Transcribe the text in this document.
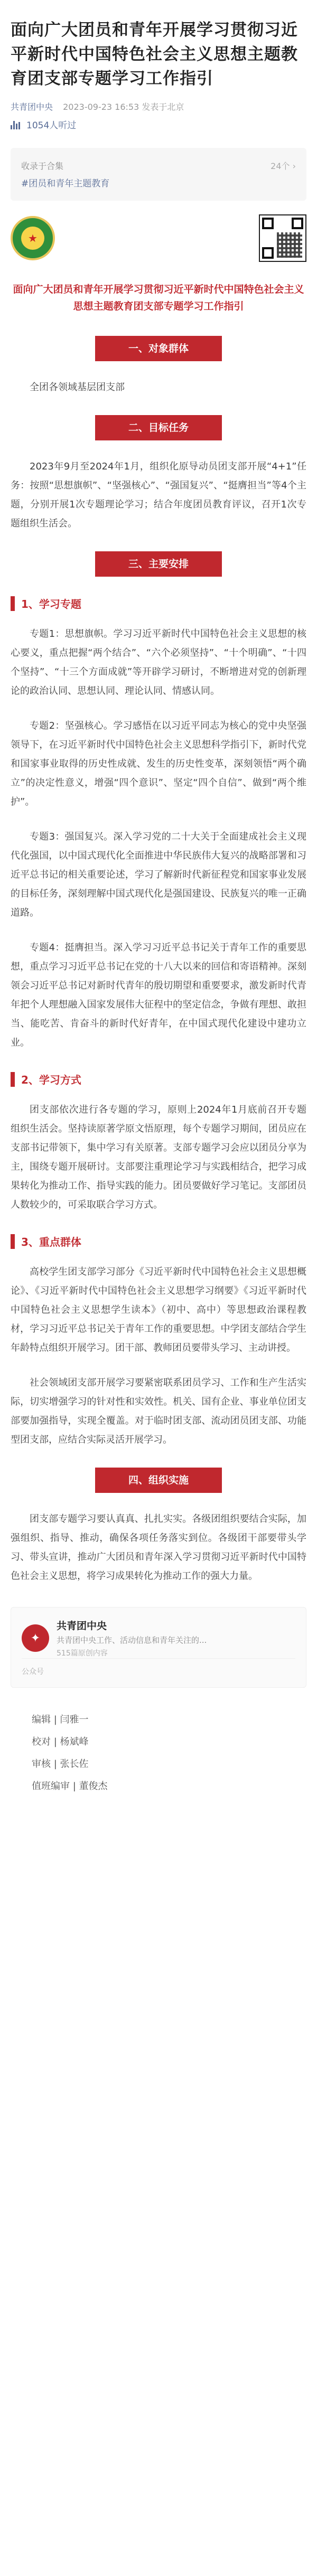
面向广大团员和青年开展学习贯彻习近平新时代中国特色社会主义思想主题教育团支部专题学习工作指引
共青团中央 2023-09-23 16:53 发表于北京
1054人听过
收录于合集
#团员和青年主题教育
24个 ›
★
面向广大团员和青年开展学习贯彻习近平新时代中国特色社会主义思想主题教育团支部专题学习工作指引
一、对象群体

全团各领域基层团支部

二、目标任务

2023年9月至2024年1月，组织化原导动员团支部开展“4+1”任务：按照“思想旗帜”、“坚强核心”、“强国复兴”、“挺膺担当”等4个主题，分别开展1次专题理论学习；结合年度团员教育评议，召开1次专题组织生活会。

三、主要安排
1、学习专题

专题1：思想旗帜。学习习近平新时代中国特色社会主义思想的核心要义，重点把握“两个结合”、“六个必须坚持”、“十个明确”、“十四个坚持”、“十三个方面成就”等开辟学习研讨，不断增进对党的创新理论的政治认同、思想认同、理论认同、情感认同。

专题2：坚强核心。学习感悟在以习近平同志为核心的党中央坚强领导下，在习近平新时代中国特色社会主义思想科学指引下，新时代党和国家事业取得的历史性成就、发生的历史性变革，深刻领悟“两个确立”的决定性意义，增强“四个意识”、坚定“四个自信”、做到“两个维护”。

专题3：强国复兴。深入学习党的二十大关于全面建成社会主义现代化强国，以中国式现代化全面推进中华民族伟大复兴的战略部署和习近平总书记的相关重要论述，学习了解新时代新征程党和国家事业发展的目标任务，深刻理解中国式现代化是强国建设、民族复兴的唯一正确道路。

专题4：挺膺担当。深入学习习近平总书记关于青年工作的重要思想，重点学习习近平总书记在党的十八大以来的回信和寄语精神。深刻领会习近平总书记对新时代青年的殷切期望和重要要求，激发新时代青年把个人理想融入国家发展伟大征程中的坚定信念，争做有理想、敢担当、能吃苦、肯奋斗的新时代好青年，在中国式现代化建设中建功立业。

2、学习方式

团支部依次进行各专题的学习，原则上2024年1月底前召开专题组织生活会。坚持读原著学原文悟原理，每个专题学习期间，团员应在支部书记带领下，集中学习有关原著。支部专题学习会应以团员分享为主，围绕专题开展研讨。支部要注重理论学习与实践相结合，把学习成果转化为推动工作、指导实践的能力。团员要做好学习笔记。支部团员人数较少的，可采取联合学习方式。

3、重点群体

高校学生团支部学习部分《习近平新时代中国特色社会主义思想概论》、《习近平新时代中国特色社会主义思想学习纲要》《习近平新时代中国特色社会主义思想学生读本》（初中、高中）等思想政治课程教材，学习习近平总书记关于青年工作的重要思想。中学团支部结合学生年龄特点组织开展学习。团干部、教师团员要带头学习、主动讲授。

社会领域团支部开展学习要紧密联系团员学习、工作和生产生活实际，切实增强学习的针对性和实效性。机关、国有企业、事业单位团支部要加强指导，实现全覆盖。对于临时团支部、流动团员团支部、功能型团支部，应结合实际灵活开展学习。

四、组织实施

团支部专题学习要认真真、扎扎实实。各级团组织要结合实际，加强组织、指导、推动，确保各项任务落实到位。各级团干部要带头学习、带头宣讲，推动广大团员和青年深入学习贯彻习近平新时代中国特色社会主义思想，将学习成果转化为推动工作的强大力量。

✦
共青团中央
共青团中央工作、活动信息和青年关注的...
515篇原创内容
公众号
编辑 | 闫雅一
校对 | 杨斌峰
审核 | 张长佐
值班编审 | 董俊杰
